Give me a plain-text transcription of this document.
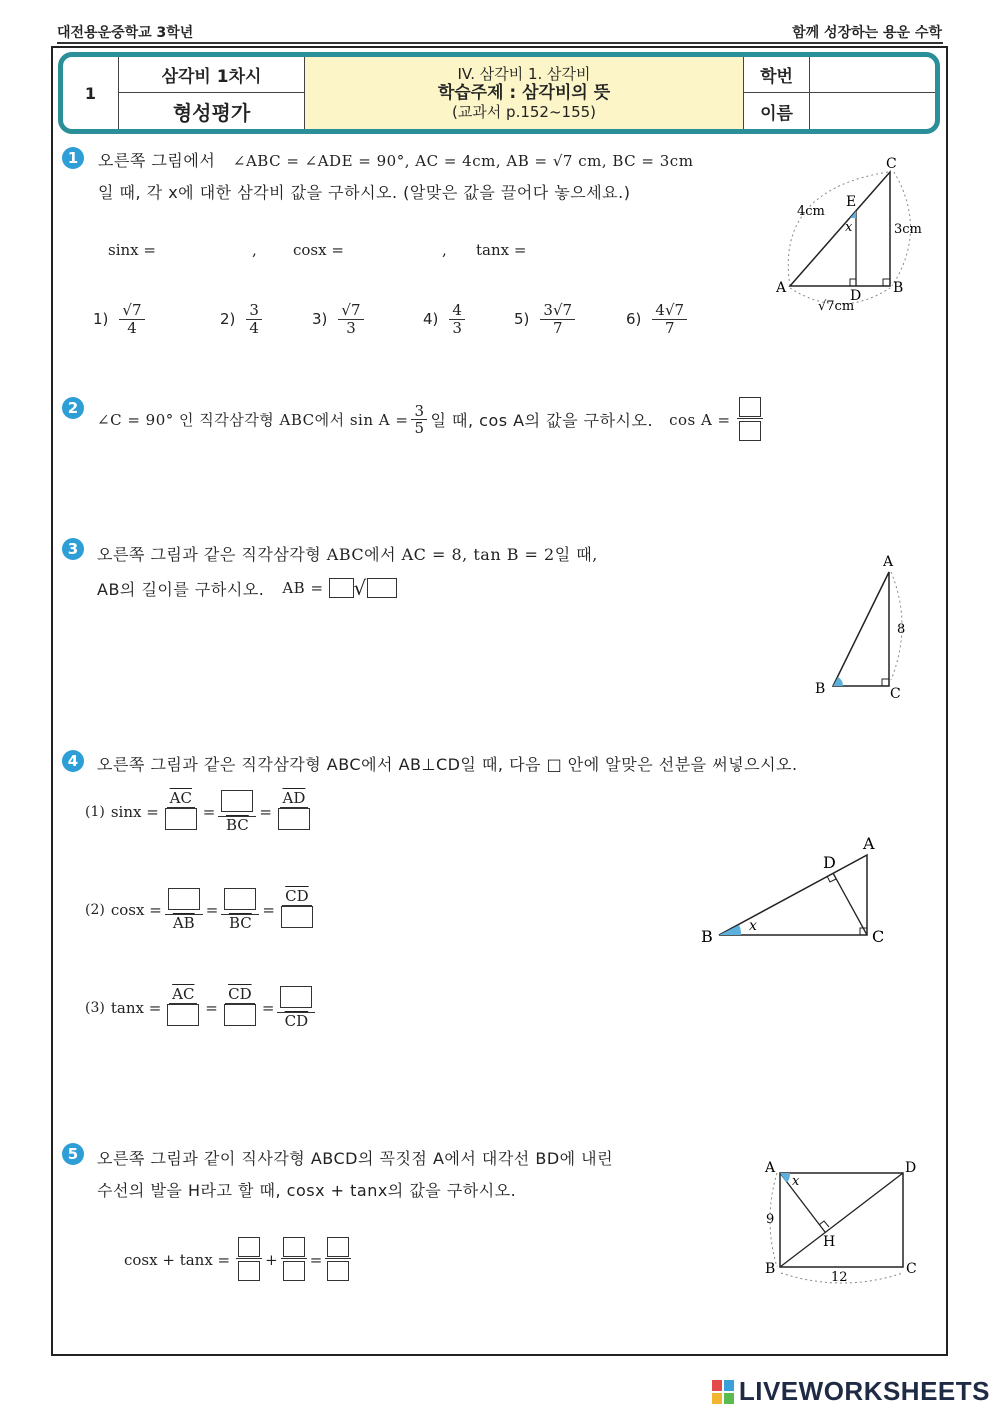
대전용운중학교 3학년	함께 성장하는 용운 수학
1
삼각비 1차시
형성평가
IV. 삼각비 1. 삼각비
학습주제 : 삼각비의 뜻
(교과서 p.152~155)
학번
이름
1	오른쪽 그림에서 ∠ABC = ∠ADE = 90°, AC = 4cm, AB = √7 cm, BC = 3cm
일 때, 각 x에 대한 삼각비 값을 구하시오. (알맞은 값을 끌어다 놓으세요.)
sinx =	, cosx =	, tanx =
$1) \frac{√7}{4}$	$2) \frac{3}{4}$	$3) \frac{√7}{3}$	$4) \frac{4}{3}$	$5) \frac{3√7}{7}$	$6) \frac{4√7}{7}$
C
A	B
D
E
x
4cm
3cm
√7cm
2
∠C = 90° 인 직각삼각형 ABC에서 $\sin A = \frac{3}{5}$ 일 때, cos A의 값을 구하시오. cos A =
3	오른쪽 그림과 같은 직각삼각형 ABC에서 AC = 8, tan B = 2일 때,
AB의 길이를 구하시오. AB = √
A
B	C
8
4	오른쪽 그림과 같은 직각삼각형 ABC에서 AB⊥CD일 때, 다음 □ 안에 알맞은 선분을 써넣으시오.
(1) sinx =
$\overline{AC}$
=
$\overline{BC}$
=
$\overline{AD}$
(2) cosx =
$\overline{AB}$
=
$\overline{BC}$
=
$\overline{CD}$
(3) tanx =
$\overline{AC}$
=
$\overline{CD}$
=
$\overline{CD}$
A
B	C
D
x
5	오른쪽 그림과 같이 직사각형 ABCD의 꼭짓점 A에서 대각선 BD에 내린
수선의 발을 H라고 할 때, cosx + tanx의 값을 구하시오.
cosx + tanx = + =
A
B	C
D
H
x
9
12
LIVEWORKSHEETS
